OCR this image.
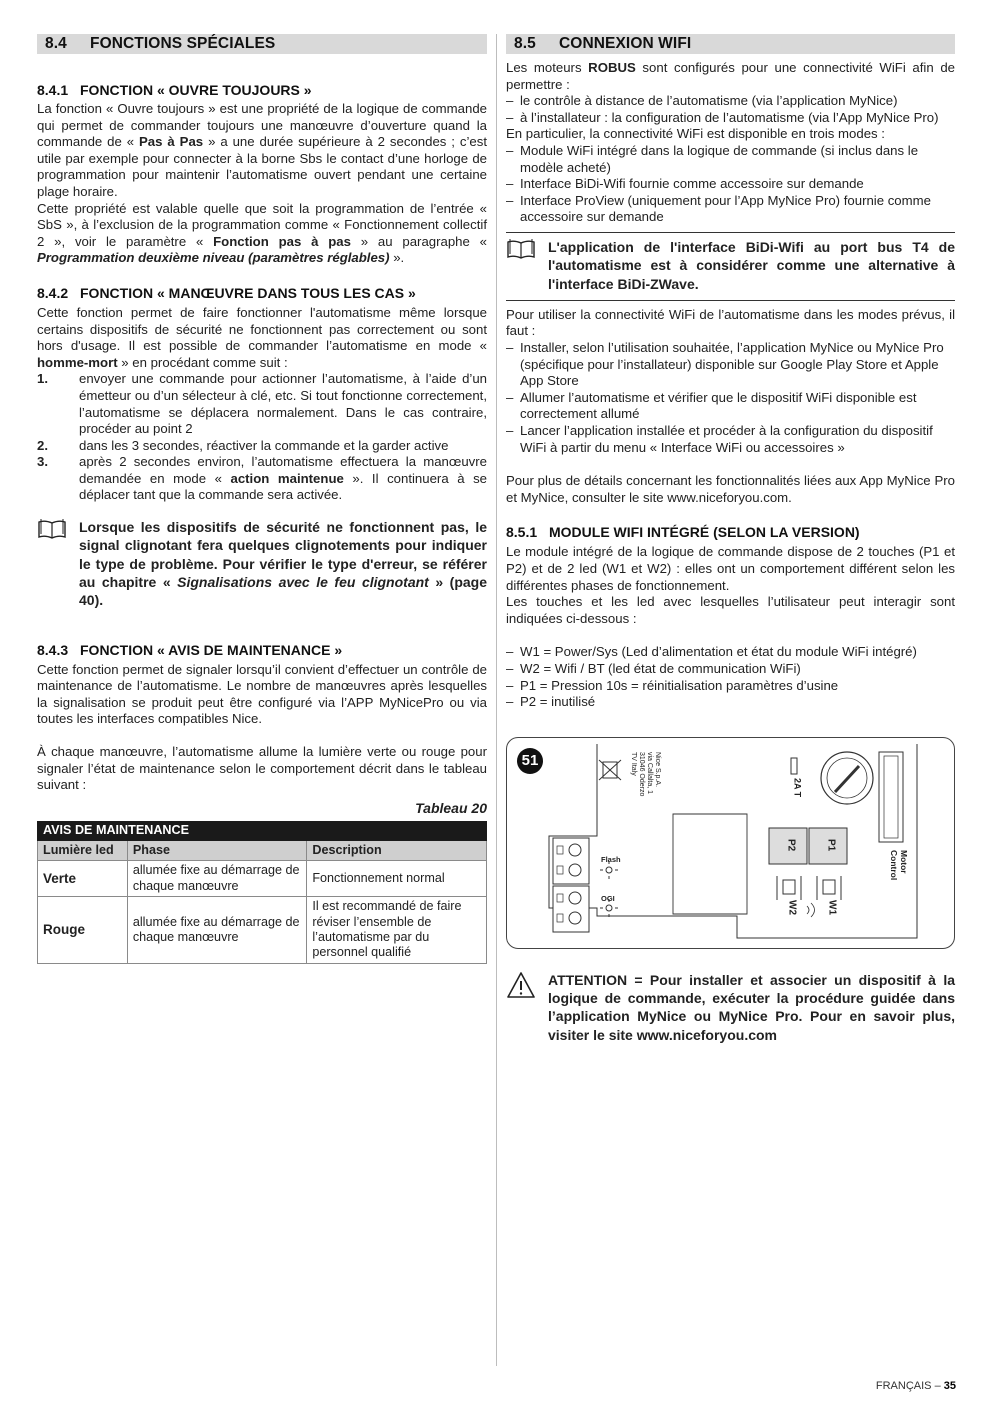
8.4 FONCTIONS SPÉCIALES
8.4.1 FONCTION « OUVRE TOUJOURS »

La fonction « Ouvre toujours » est une propriété de la logique de commande qui permet de commander toujours une manœuvre d’ouverture quand la commande de « Pas à Pas » a une durée supérieure à 2 secondes ; c’est utile par exemple pour connecter à la borne Sbs le contact d’une horloge de programmation pour maintenir l’automatisme ouvert pendant une certaine plage horaire.

Cette propriété est valable quelle que soit la programmation de l’entrée « SbS », à l’exclusion de la programmation comme « Fonctionnement collectif 2 », voir le paramètre « Fonction pas à pas » au paragraphe « Programmation deuxième niveau (paramètres réglables) ».

8.4.2 FONCTION « MANŒUVRE DANS TOUS LES CAS »

Cette fonction permet de faire fonctionner l'automatisme même lorsque certains dispositifs de sécurité ne fonctionnent pas correctement ou sont hors d'usage. Il est possible de commander l’automatisme en mode « homme-mort » en procédant comme suit :

1.	envoyer une commande pour actionner l’automatisme, à l’aide d’un émetteur ou d’un sélecteur à clé, etc. Si tout fonctionne correctement, l’automatisme se déplacera normalement. Dans le cas contraire, procéder au point 2
2.	dans les 3 secondes, réactiver la commande et la garder active
3.	après 2 secondes environ, l’automatisme effectuera la manœuvre demandée en mode « action maintenue ». Il continuera à se déplacer tant que la commande sera activée.
Lorsque les dispositifs de sécurité ne fonctionnent pas, le signal clignotant fera quelques clignotements pour indiquer le type de problème. Pour vérifier le type d'erreur, se référer au chapitre « Signalisations avec le feu clignotant » (page 40).
8.4.3 FONCTION « AVIS DE MAINTENANCE »

Cette fonction permet de signaler lorsqu’il convient d’effectuer un contrôle de maintenance de l’automatisme. Le nombre de manœuvres après lesquelles la signalisation se produit peut être configuré via l’APP MyNicePro ou via toutes les interfaces compatibles Nice.

À chaque manœuvre, l’automatisme allume la lumière verte ou rouge pour signaler l’état de maintenance selon le comportement décrit dans le tableau suivant :

Tableau 20
AVIS DE MAINTENANCE		
Lumière led	Phase	Description
Verte	allumée fixe au démarrage de chaque manœuvre	Fonctionnement normal
Rouge	allumée fixe au démarrage de chaque manœuvre	Il est recommandé de faire réviser l’ensemble de l’automatisme par du personnel qualifié
8.5 CONNEXION WIFI

Les moteurs ROBUS sont configurés pour une connectivité WiFi afin de permettre :

– le contrôle à distance de l’automatisme (via l’application MyNice)
– à l’installateur : la configuration de l’automatisme (via l’App MyNice Pro)

En particulier, la connectivité WiFi est disponible en trois modes :

– Module WiFi intégré dans la logique de commande (si inclus dans le modèle acheté)
– Interface BiDi-Wifi fournie comme accessoire sur demande
– Interface ProView (uniquement pour l’App MyNice Pro) fournie comme accessoire sur demande
L'application de l'interface BiDi-Wifi au port bus T4 de l'automatisme est à considérer comme une alternative à l'interface BiDi-ZWave.

Pour utiliser la connectivité WiFi de l’automatisme dans les modes prévus, il faut :

– Installer, selon l’utilisation souhaitée, l’application MyNice ou MyNice Pro (spécifique pour l’installateur) disponible sur Google Play Store et Apple App Store
– Allumer l’automatisme et vérifier que le dispositif WiFi disponible est correctement allumé
– Lancer l’application installée et procéder à la configuration du dispositif WiFi à partir du menu « Interface WiFi ou accessoires »

Pour plus de détails concernant les fonctionnalités liées aux App MyNice Pro et MyNice, consulter le site www.niceforyou.com.

8.5.1 MODULE WIFI INTÉGRÉ (SELON LA VERSION)

Le module intégré de la logique de commande dispose de 2 touches (P1 et P2) et de 2 led (W1 et W2) : elles ont un comportement différent selon les différentes phases de fonctionnement.

Les touches et les led avec lesquelles l’utilisateur peut interagir sont indiquées ci-dessous :

– W1 = Power/Sys (Led d’alimentation et état du module WiFi intégré)
– W2 = Wifi / BT (led état de communication WiFi)
– P1 = Pression 10s = réinitialisation paramètres d’usine
– P2 = inutilisé
51	Nice S.p.A.
via Callalta, 1
31046 Oderzo
TV Italy
2A T
Flash
OGI
P2	P1
W2	W1
Motor
Control
ATTENTION = Pour installer et associer un dispositif à la logique de commande, exécuter la procédure guidée dans l’application MyNice ou MyNice Pro. Pour en savoir plus, visiter le site www.niceforyou.com
FRANÇAIS – 35
